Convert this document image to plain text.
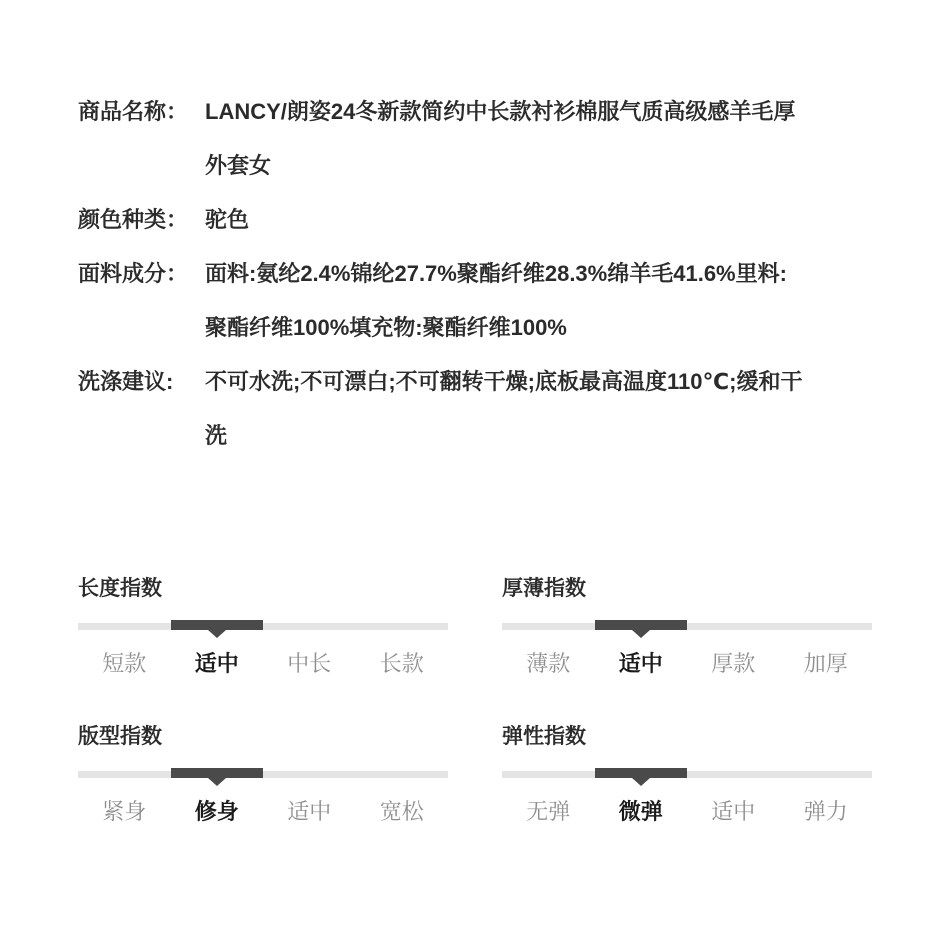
商品名称： LANCY/朗姿24冬新款简约中长款衬衫棉服气质高级感羊毛厚
外套女
颜色种类： 驼色
面料成分： 面料:氨纶2.4%锦纶27.7%聚酯纤维28.3%绵羊毛41.6%里料:
聚酯纤维100%填充物:聚酯纤维100%
洗涤建议:	不可水洗;不可漂白;不可翻转干燥;底板最高温度110℃;缓和干
洗
长度指数
短款	适中	中长	长款
厚薄指数
薄款	适中	厚款	加厚
版型指数
紧身	修身	适中	宽松
弹性指数
无弹	微弹	适中	弹力
